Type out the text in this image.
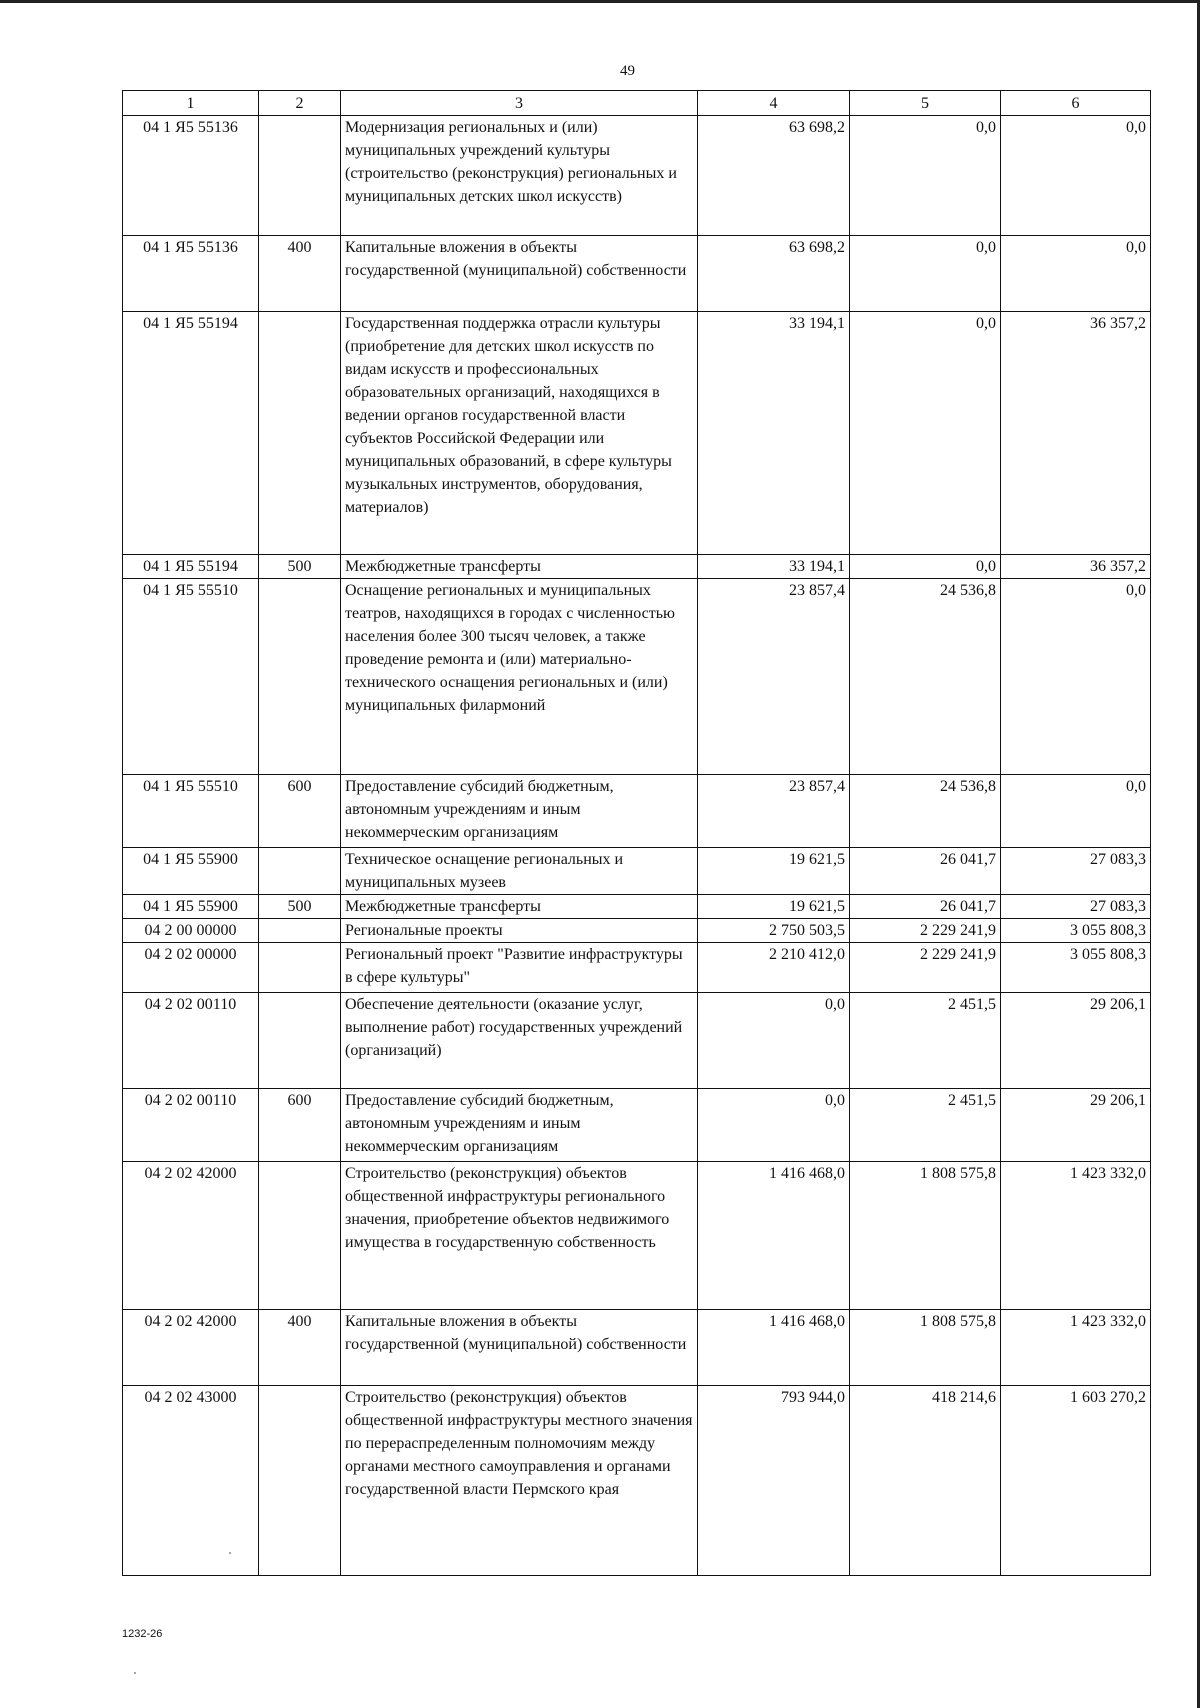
49
1	2	3	4	5	6
04 1 Я5 55136		Модернизация региональных и (или) муниципальных учреждений культуры (строительство (реконструкция) региональных и муниципальных детских школ искусств)	63 698,2	0,0	0,0
04 1 Я5 55136	400	Капитальные вложения в объекты государственной (муниципальной) собственности	63 698,2	0,0	0,0
04 1 Я5 55194		Государственная поддержка отрасли культуры (приобретение для детских школ искусств по видам искусств и профессиональных образовательных организаций, находящихся в ведении органов государственной власти субъектов Российской Федерации или муниципальных образований, в сфере культуры музыкальных инструментов, оборудования, материалов)	33 194,1	0,0	36 357,2
04 1 Я5 55194	500	Межбюджетные трансферты	33 194,1	0,0	36 357,2
04 1 Я5 55510		Оснащение региональных и муниципальных театров, находящихся в городах с численностью населения более 300 тысяч человек, а также проведение ремонта и (или) материально-технического оснащения региональных и (или) муниципальных филармоний	23 857,4	24 536,8	0,0
04 1 Я5 55510	600	Предоставление субсидий бюджетным, автономным учреждениям и иным некоммерческим организациям	23 857,4	24 536,8	0,0
04 1 Я5 55900		Техническое оснащение региональных и муниципальных музеев	19 621,5	26 041,7	27 083,3
04 1 Я5 55900	500	Межбюджетные трансферты	19 621,5	26 041,7	27 083,3
04 2 00 00000		Региональные проекты	2 750 503,5	2 229 241,9	3 055 808,3
04 2 02 00000		Региональный проект "Развитие инфраструктуры в сфере культуры"	2 210 412,0	2 229 241,9	3 055 808,3
04 2 02 00110		Обеспечение деятельности (оказание услуг, выполнение работ) государственных учреждений (организаций)	0,0	2 451,5	29 206,1
04 2 02 00110	600	Предоставление субсидий бюджетным, автономным учреждениям и иным некоммерческим организациям	0,0	2 451,5	29 206,1
04 2 02 42000		Строительство (реконструкция) объектов общественной инфраструктуры регионального значения, приобретение объектов недвижимого имущества в государственную собственность	1 416 468,0	1 808 575,8	1 423 332,0
04 2 02 42000	400	Капитальные вложения в объекты государственной (муниципальной) собственности	1 416 468,0	1 808 575,8	1 423 332,0
04 2 02 43000		Строительство (реконструкция) объектов общественной инфраструктуры местного значения по перераспределенным полномочиям между органами местного самоуправления и органами государственной власти Пермского края	793 944,0	418 214,6	1 603 270,2
1232-26
